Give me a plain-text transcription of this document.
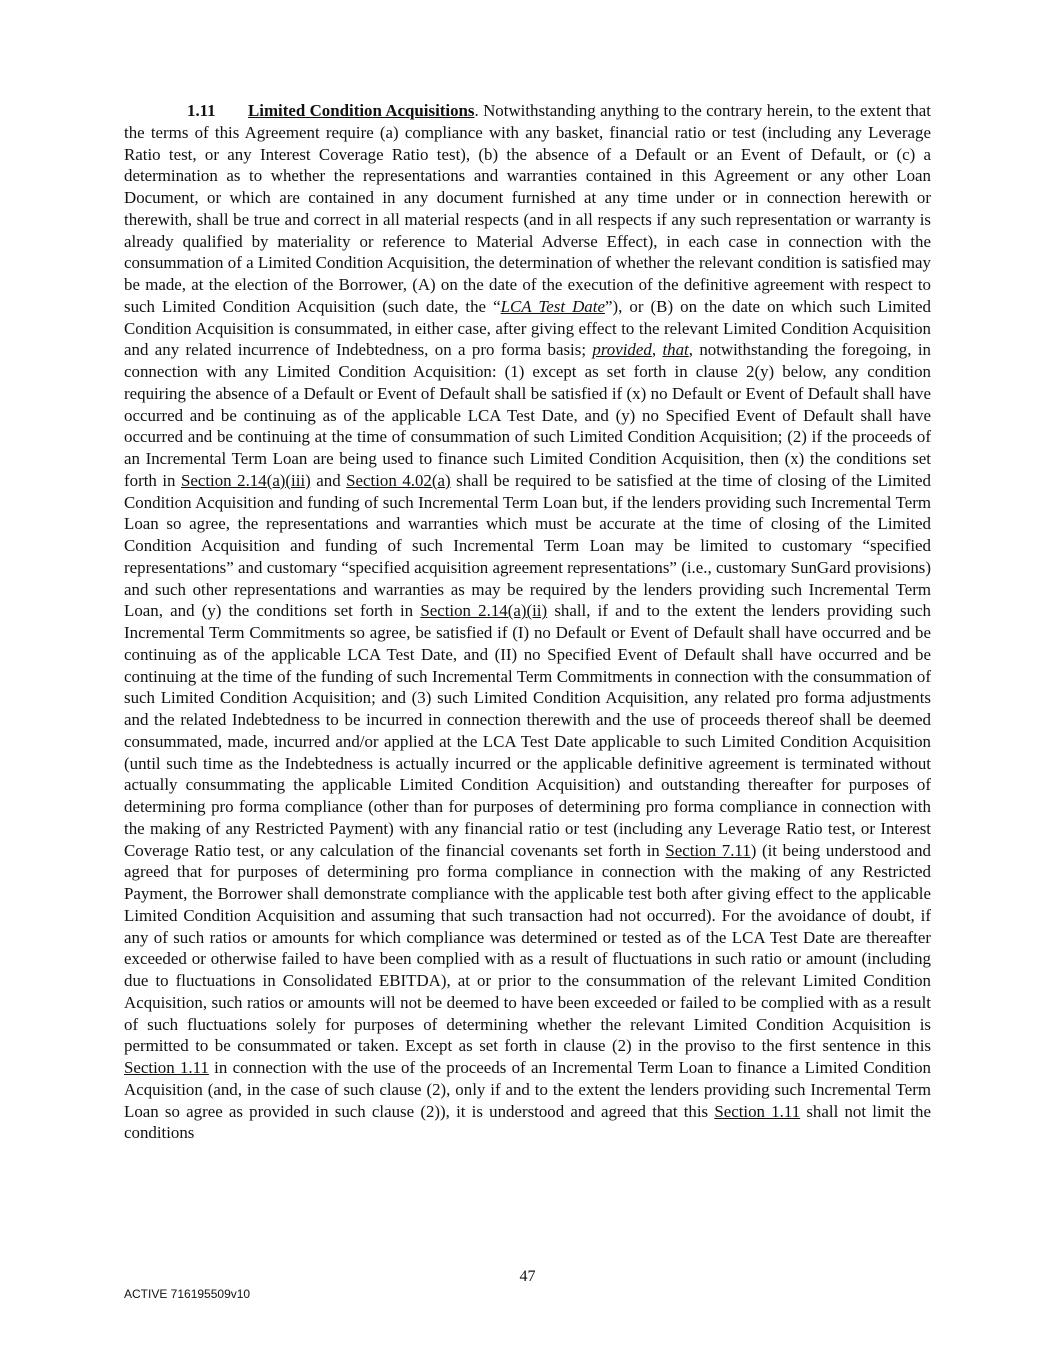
1.11 Limited Condition Acquisitions. Notwithstanding anything to the contrary herein, to the extent that the terms of this Agreement require (a) compliance with any basket, financial ratio or test (including any Leverage Ratio test, or any Interest Coverage Ratio test), (b) the absence of a Default or an Event of Default, or (c) a determination as to whether the representations and warranties contained in this Agreement or any other Loan Document, or which are contained in any document furnished at any time under or in connection herewith or therewith, shall be true and correct in all material respects (and in all respects if any such representation or warranty is already qualified by materiality or reference to Material Adverse Effect), in each case in connection with the consummation of a Limited Condition Acquisition, the determination of whether the relevant condition is satisfied may be made, at the election of the Borrower, (A) on the date of the execution of the definitive agreement with respect to such Limited Condition Acquisition (such date, the “LCA Test Date”), or (B) on the date on which such Limited Condition Acquisition is consummated, in either case, after giving effect to the relevant Limited Condition Acquisition and any related incurrence of Indebtedness, on a pro forma basis; provided, that, notwithstanding the foregoing, in connection with any Limited Condition Acquisition: (1) except as set forth in clause 2(y) below, any condition requiring the absence of a Default or Event of Default shall be satisfied if (x) no Default or Event of Default shall have occurred and be continuing as of the applicable LCA Test Date, and (y) no Specified Event of Default shall have occurred and be continuing at the time of consummation of such Limited Condition Acquisition; (2) if the proceeds of an Incremental Term Loan are being used to finance such Limited Condition Acquisition, then (x) the conditions set forth in Section 2.14(a)(iii) and Section 4.02(a) shall be required to be satisfied at the time of closing of the Limited Condition Acquisition and funding of such Incremental Term Loan but, if the lenders providing such Incremental Term Loan so agree, the representations and warranties which must be accurate at the time of closing of the Limited Condition Acquisition and funding of such Incremental Term Loan may be limited to customary “specified representations” and customary “specified acquisition agreement representations” (i.e., customary SunGard provisions) and such other representations and warranties as may be required by the lenders providing such Incremental Term Loan, and (y) the conditions set forth in Section 2.14(a)(ii) shall, if and to the extent the lenders providing such Incremental Term Commitments so agree, be satisfied if (I) no Default or Event of Default shall have occurred and be continuing as of the applicable LCA Test Date, and (II) no Specified Event of Default shall have occurred and be continuing at the time of the funding of such Incremental Term Commitments in connection with the consummation of such Limited Condition Acquisition; and (3) such Limited Condition Acquisition, any related pro forma adjustments and the related Indebtedness to be incurred in connection therewith and the use of proceeds thereof shall be deemed consummated, made, incurred and/or applied at the LCA Test Date applicable to such Limited Condition Acquisition (until such time as the Indebtedness is actually incurred or the applicable definitive agreement is terminated without actually consummating the applicable Limited Condition Acquisition) and outstanding thereafter for purposes of determining pro forma compliance (other than for purposes of determining pro forma compliance in connection with the making of any Restricted Payment) with any financial ratio or test (including any Leverage Ratio test, or Interest Coverage Ratio test, or any calculation of the financial covenants set forth in Section 7.11) (it being understood and agreed that for purposes of determining pro forma compliance in connection with the making of any Restricted Payment, the Borrower shall demonstrate compliance with the applicable test both after giving effect to the applicable Limited Condition Acquisition and assuming that such transaction had not occurred). For the avoidance of doubt, if any of such ratios or amounts for which compliance was determined or tested as of the LCA Test Date are thereafter exceeded or otherwise failed to have been complied with as a result of fluctuations in such ratio or amount (including due to fluctuations in Consolidated EBITDA), at or prior to the consummation of the relevant Limited Condition Acquisition, such ratios or amounts will not be deemed to have been exceeded or failed to be complied with as a result of such fluctuations solely for purposes of determining whether the relevant Limited Condition Acquisition is permitted to be consummated or taken. Except as set forth in clause (2) in the proviso to the first sentence in this Section 1.11 in connection with the use of the proceeds of an Incremental Term Loan to finance a Limited Condition Acquisition (and, in the case of such clause (2), only if and to the extent the lenders providing such Incremental Term Loan so agree as provided in such clause (2)), it is understood and agreed that this Section 1.11 shall not limit the conditions

47
ACTIVE 716195509v10
